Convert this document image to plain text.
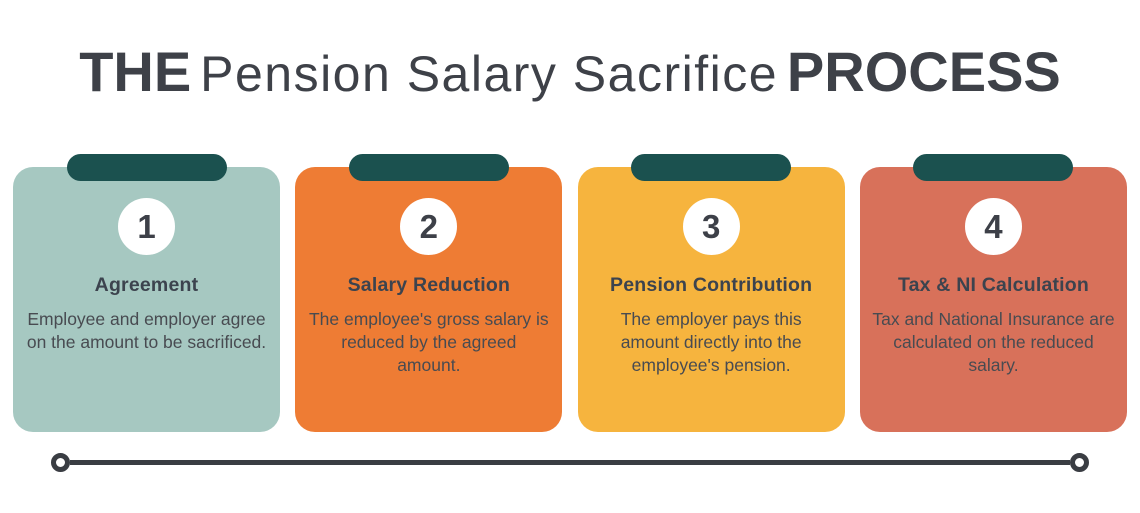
THE Pension Salary Sacrifice PROCESS
1
Agreement

Employee and employer agree on the amount to be sacrificed.

2
Salary Reduction

The employee's gross salary is reduced by the agreed amount.

3
Pension Contribution

The employer pays this amount directly into the employee's pension.

4
Tax & NI Calculation

Tax and National Insurance are calculated on the reduced salary.
